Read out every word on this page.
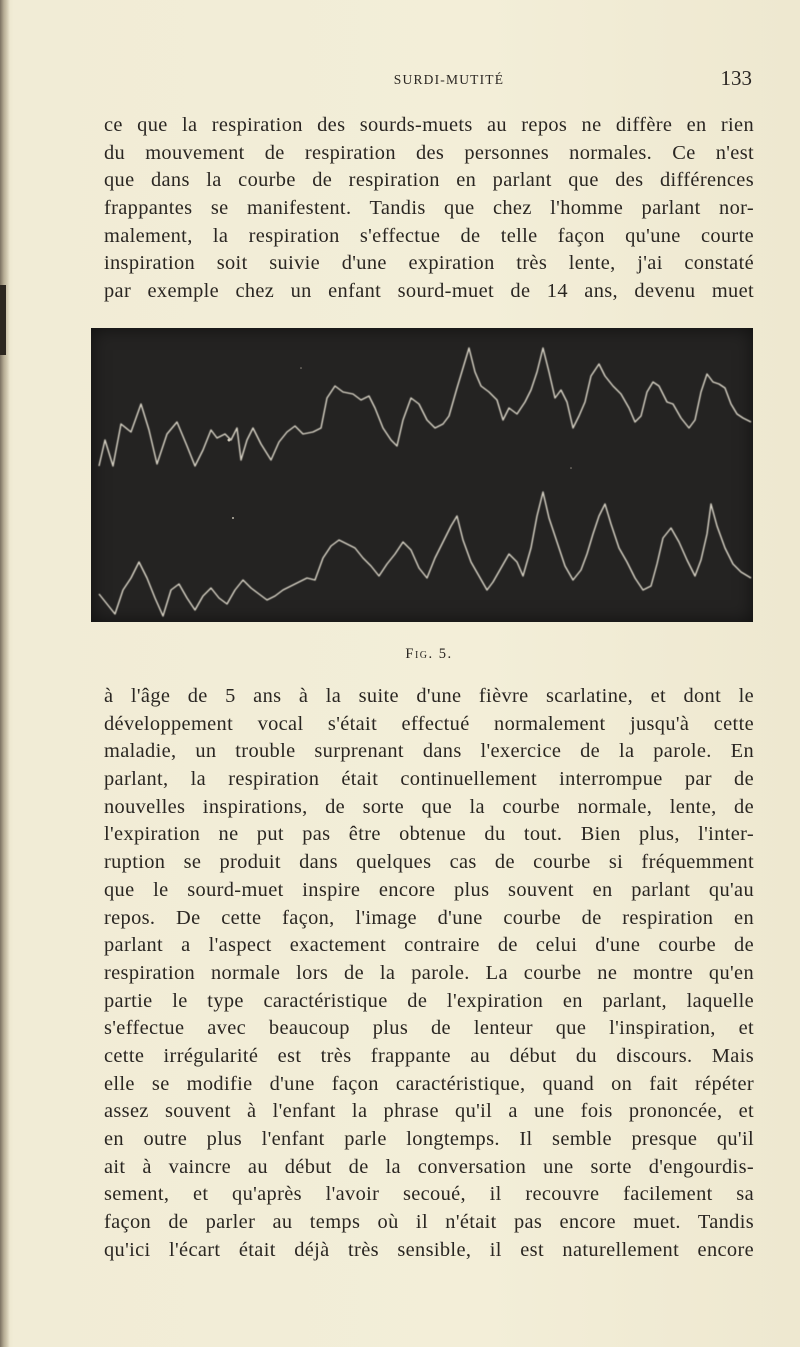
SURDI-MUTITÉ	133
ce que la respiration des sourds-muets au repos ne diffère en rien
du mouvement de respiration des personnes normales. Ce n'est
que dans la courbe de respiration en parlant que des différences
frappantes se manifestent. Tandis que chez l'homme parlant nor-
malement, la respiration s'effectue de telle façon qu'une courte
inspiration soit suivie d'une expiration très lente, j'ai constaté
par exemple chez un enfant sourd-muet de 14 ans, devenu muet
Fig. 5.
à l'âge de 5 ans à la suite d'une fièvre scarlatine, et dont le
développement vocal s'était effectué normalement jusqu'à cette
maladie, un trouble surprenant dans l'exercice de la parole. En
parlant, la respiration était continuellement interrompue par de
nouvelles inspirations, de sorte que la courbe normale, lente, de
l'expiration ne put pas être obtenue du tout. Bien plus, l'inter-
ruption se produit dans quelques cas de courbe si fréquemment
que le sourd-muet inspire encore plus souvent en parlant qu'au
repos. De cette façon, l'image d'une courbe de respiration en
parlant a l'aspect exactement contraire de celui d'une courbe de
respiration normale lors de la parole. La courbe ne montre qu'en
partie le type caractéristique de l'expiration en parlant, laquelle
s'effectue avec beaucoup plus de lenteur que l'inspiration, et
cette irrégularité est très frappante au début du discours. Mais
elle se modifie d'une façon caractéristique, quand on fait répéter
assez souvent à l'enfant la phrase qu'il a une fois prononcée, et
en outre plus l'enfant parle longtemps. Il semble presque qu'il
ait à vaincre au début de la conversation une sorte d'engourdis-
sement, et qu'après l'avoir secoué, il recouvre facilement sa
façon de parler au temps où il n'était pas encore muet. Tandis
qu'ici l'écart était déjà très sensible, il est naturellement encore
